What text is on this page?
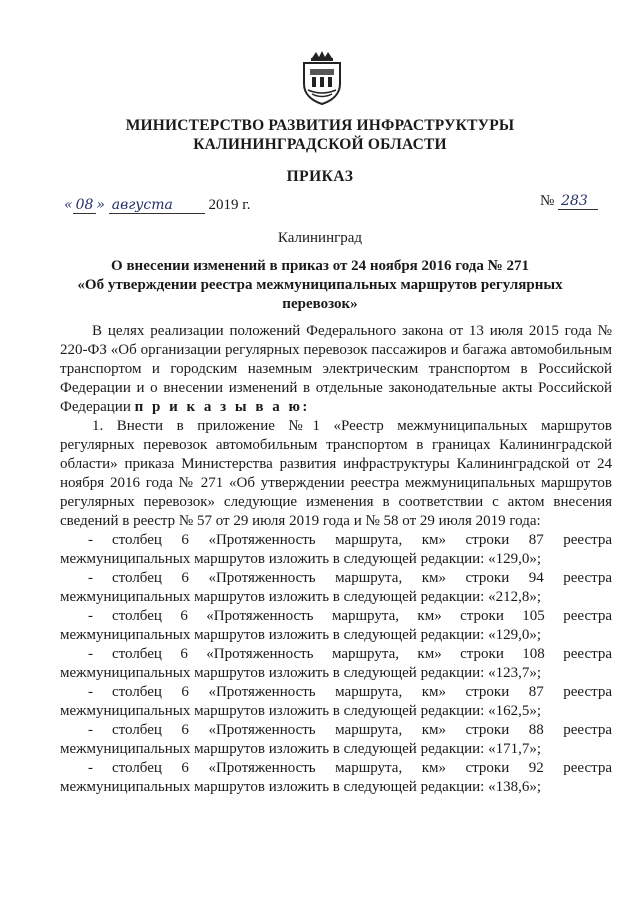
МИНИСТЕРСТВО РАЗВИТИЯ ИНФРАСТРУКТУРЫ
КАЛИНИНГРАДСКОЙ ОБЛАСТИ
ПРИКАЗ
« 08 » августа 2019 г.	№ 283
Калининград
О внесении изменений в приказ от 24 ноября 2016 года № 271
«Об утверждении реестра межмуниципальных маршрутов регулярных
перевозок»

В целях реализации положений Федерального закона от 13 июля 2015 года № 220-ФЗ «Об организации регулярных перевозок пассажиров и багажа автомобильным транспортом и городским наземным электрическим транспортом в Российской Федерации и о внесении изменений в отдельные законодательные акты Российской Федерации п р и к а з ы в а ю:

1. Внести в приложение №1 «Реестр межмуниципальных маршрутов регулярных перевозок автомобильным транспортом в границах Калининградской области» приказа Министерства развития инфраструктуры Калининградской от 24 ноября 2016 года № 271 «Об утверждении реестра межмуниципальных маршрутов регулярных перевозок» следующие изменения в соответствии с актом внесения сведений в реестр № 57 от 29 июля 2019 года и № 58 от 29 июля 2019 года:

- столбец 6 «Протяженность маршрута, км» строки 87 реестра

межмуниципальных маршрутов изложить в следующей редакции: «129,0»;

- столбец 6 «Протяженность маршрута, км» строки 94 реестра

межмуниципальных маршрутов изложить в следующей редакции: «212,8»;

- столбец 6 «Протяженность маршрута, км» строки 105 реестра

межмуниципальных маршрутов изложить в следующей редакции: «129,0»;

- столбец 6 «Протяженность маршрута, км» строки 108 реестра

межмуниципальных маршрутов изложить в следующей редакции: «123,7»;

- столбец 6 «Протяженность маршрута, км» строки 87 реестра

межмуниципальных маршрутов изложить в следующей редакции: «162,5»;

- столбец 6 «Протяженность маршрута, км» строки 88 реестра

межмуниципальных маршрутов изложить в следующей редакции: «171,7»;

- столбец 6 «Протяженность маршрута, км» строки 92 реестра

межмуниципальных маршрутов изложить в следующей редакции: «138,6»;
